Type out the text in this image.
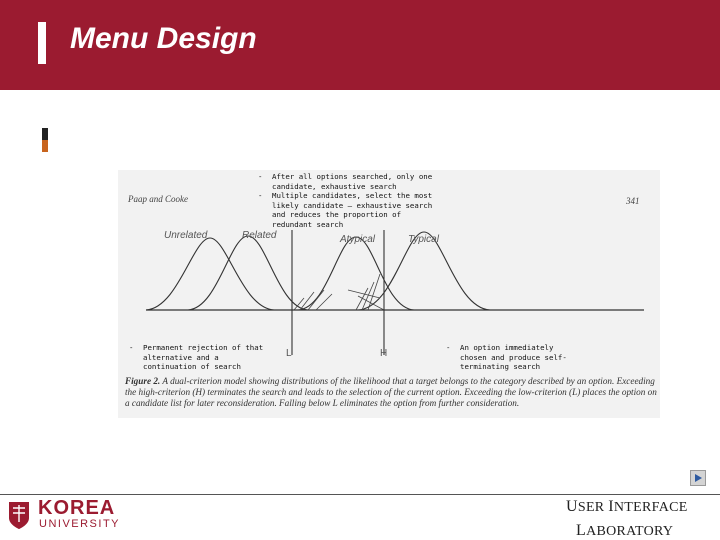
Menu Design
Paap and Cooke	341
Unrelated	Related	Atypical	Typical
L	H
Figure 2. A dual-criterion model showing distributions of the likelihood that a target belongs to the category described by an option. Exceeding the high-criterion (H) terminates the search and leads to the selection of the current option. Exceeding the low-criterion (L) places the option on a candidate list for later reconsideration. Falling below L eliminates the option from further consideration.

- After all options searched, only one candidate, exhaustive search

- Multiple candidates, select the most likely candidate – exhaustive search and reduces the proportion of redundant search

- Permanent rejection of that alternative and a continuation of search

- An option immediately chosen and produce self-terminating search

KOREA
UNIVERSITY
USER INTERFACE
LABORATORY
